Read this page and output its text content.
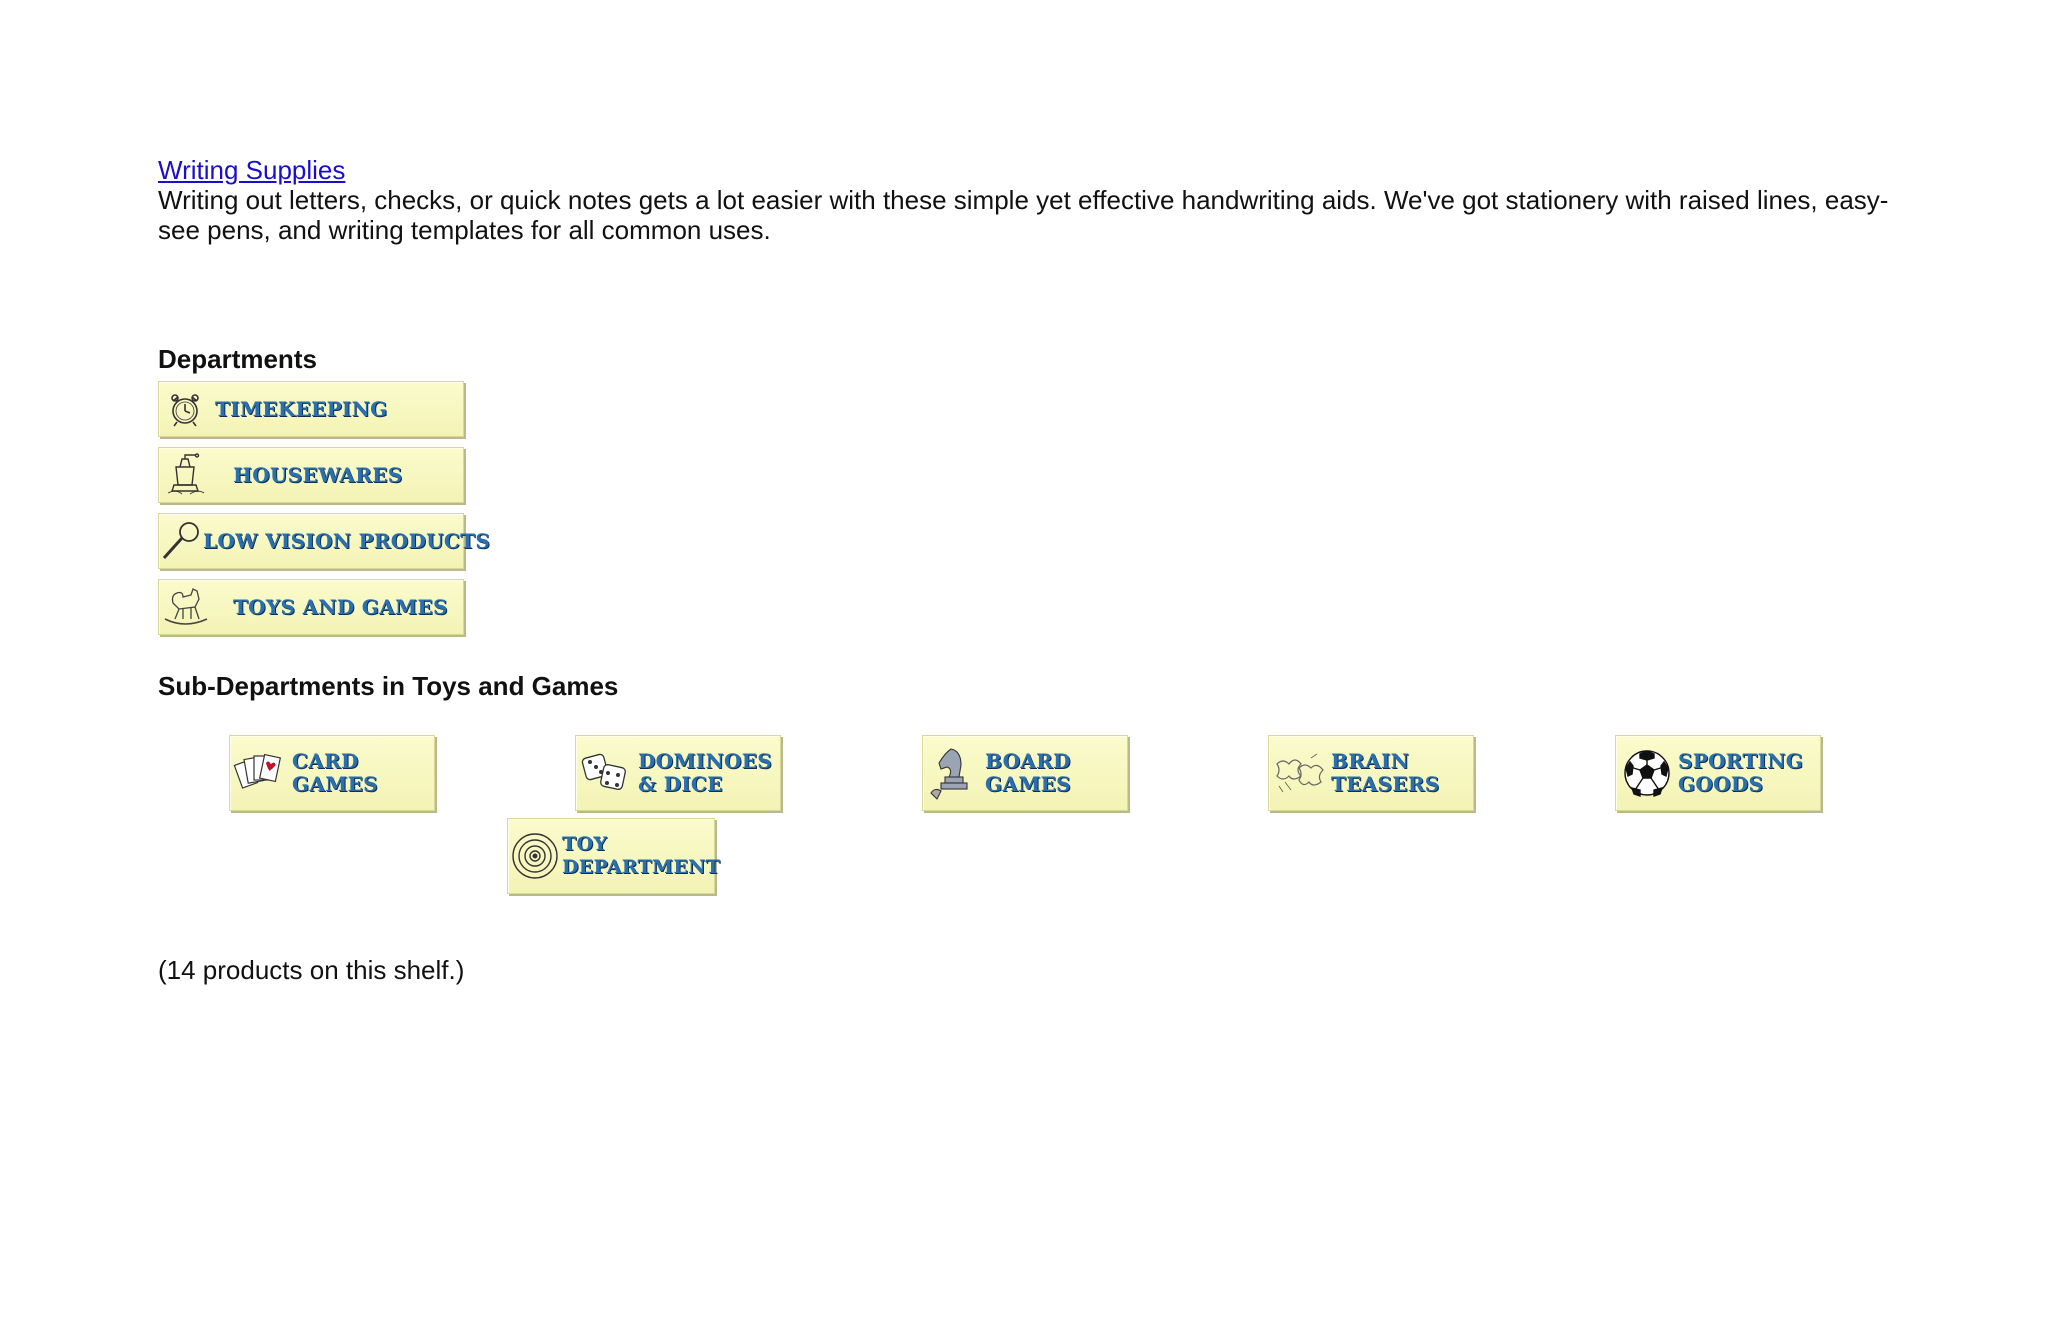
Writing Supplies
Writing out letters, checks, or quick notes gets a lot easier with these simple yet effective handwriting aids. We've got stationery with raised lines, easy-see pens, and writing templates for all common uses.
Departments
TIMEKEEPING
HOUSEWARES
LOW VISION PRODUCTS
TOYS AND GAMES
Sub-Departments in Toys and Games
CARD
GAMES
DOMINOES
& DICE
BOARD
GAMES
BRAIN
TEASERS
SPORTING
GOODS
TOY
DEPARTMENT
(14 products on this shelf.)
